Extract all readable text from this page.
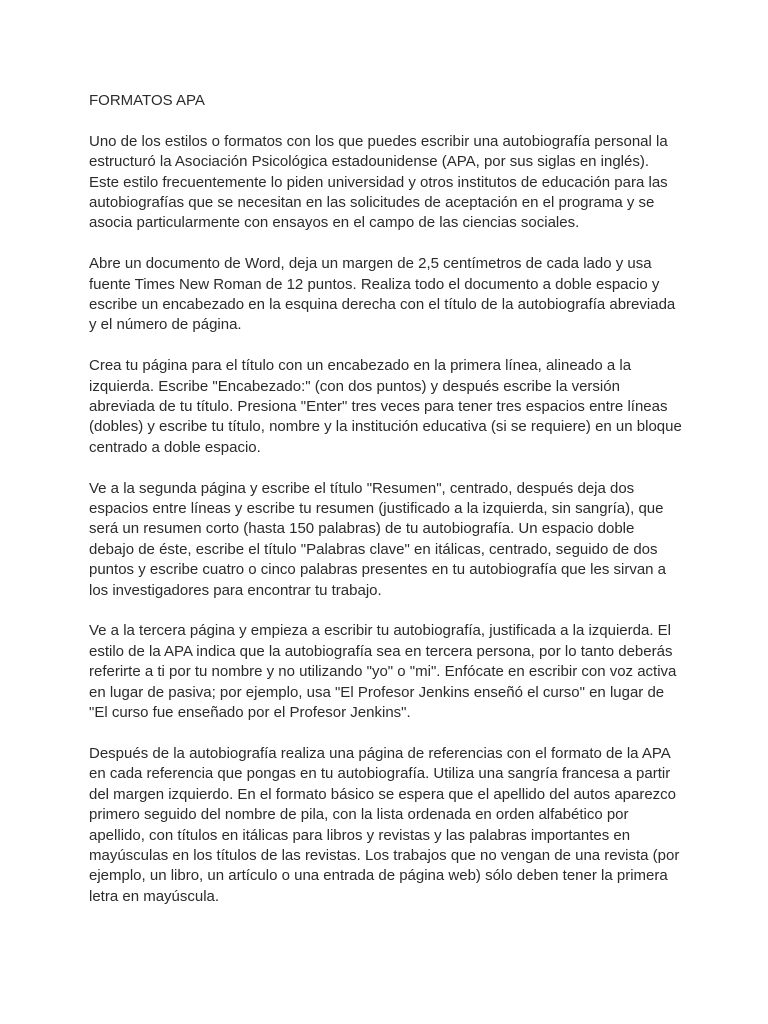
FORMATOS APA

Uno de los estilos o formatos con los que puedes escribir una autobiografía personal la estructuró la Asociación Psicológica estadounidense (APA, por sus siglas en inglés). Este estilo frecuentemente lo piden universidad y otros institutos de educación para las autobiografías que se necesitan en las solicitudes de aceptación en el programa y se asocia particularmente con ensayos en el campo de las ciencias sociales.

Abre un documento de Word, deja un margen de 2,5 centímetros de cada lado y usa fuente Times New Roman de 12 puntos. Realiza todo el documento a doble espacio y escribe un encabezado en la esquina derecha con el título de la autobiografía abreviada y el número de página.

Crea tu página para el título con un encabezado en la primera línea, alineado a la izquierda. Escribe "Encabezado:" (con dos puntos) y después escribe la versión abreviada de tu título. Presiona "Enter" tres veces para tener tres espacios entre líneas (dobles) y escribe tu título, nombre y la institución educativa (si se requiere) en un bloque centrado a doble espacio.

Ve a la segunda página y escribe el título "Resumen", centrado, después deja dos espacios entre líneas y escribe tu resumen (justificado a la izquierda, sin sangría), que será un resumen corto (hasta 150 palabras) de tu autobiografía. Un espacio doble debajo de éste, escribe el título "Palabras clave" en itálicas, centrado, seguido de dos puntos y escribe cuatro o cinco palabras presentes en tu autobiografía que les sirvan a los investigadores para encontrar tu trabajo.

Ve a la tercera página y empieza a escribir tu autobiografía, justificada a la izquierda. El estilo de la APA indica que la autobiografía sea en tercera persona, por lo tanto deberás referirte a ti por tu nombre y no utilizando "yo" o "mi". Enfócate en escribir con voz activa en lugar de pasiva; por ejemplo, usa "El Profesor Jenkins enseñó el curso" en lugar de "El curso fue enseñado por el Profesor Jenkins".

Después de la autobiografía realiza una página de referencias con el formato de la APA en cada referencia que pongas en tu autobiografía. Utiliza una sangría francesa a partir del margen izquierdo. En el formato básico se espera que el apellido del autos aparezco primero seguido del nombre de pila, con la lista ordenada en orden alfabético por apellido, con títulos en itálicas para libros y revistas y las palabras importantes en mayúsculas en los títulos de las revistas. Los trabajos que no vengan de una revista (por ejemplo, un libro, un artículo o una entrada de página web) sólo deben tener la primera letra en mayúscula.
